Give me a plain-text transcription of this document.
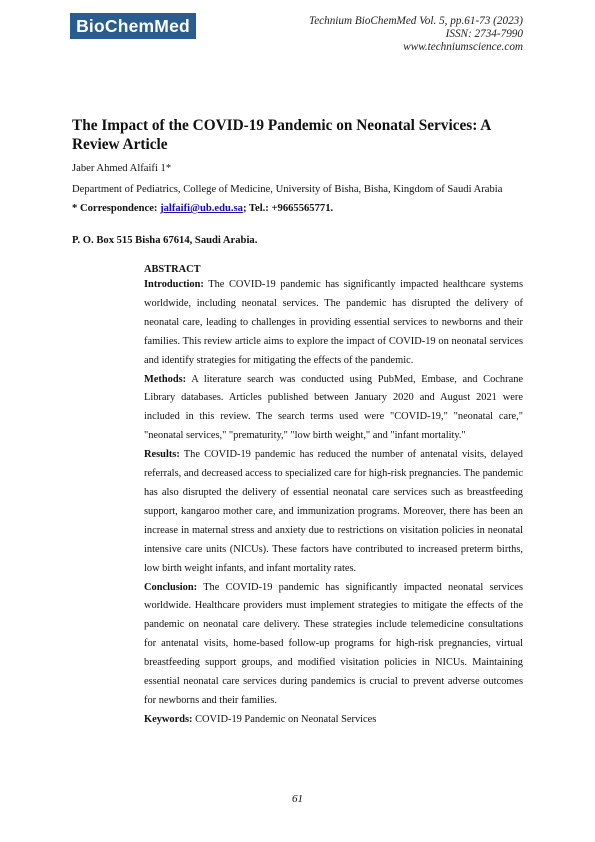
BioChemMed	Technium BioChemMed Vol. 5, pp.61-73 (2023)
ISSN: 2734-7990
www.techniumscience.com
The Impact of the COVID-19 Pandemic on Neonatal Services: A Review Article
Jaber Ahmed Alfaifi 1*
Department of Pediatrics, College of Medicine, University of Bisha, Bisha, Kingdom of Saudi Arabia
* Correspondence: jalfaifi@ub.edu.sa; Tel.: +9665565771.
P. O. Box 515 Bisha 67614, Saudi Arabia.
ABSTRACT

Introduction: The COVID-19 pandemic has significantly impacted healthcare systems worldwide, including neonatal services. The pandemic has disrupted the delivery of neonatal care, leading to challenges in providing essential services to newborns and their families. This review article aims to explore the impact of COVID-19 on neonatal services and identify strategies for mitigating the effects of the pandemic.

Methods: A literature search was conducted using PubMed, Embase, and Cochrane Library databases. Articles published between January 2020 and August 2021 were included in this review. The search terms used were "COVID-19," "neonatal care," "neonatal services," "prematurity," "low birth weight," and "infant mortality."

Results: The COVID-19 pandemic has reduced the number of antenatal visits, delayed referrals, and decreased access to specialized care for high-risk pregnancies. The pandemic has also disrupted the delivery of essential neonatal care services such as breastfeeding support, kangaroo mother care, and immunization programs. Moreover, there has been an increase in maternal stress and anxiety due to restrictions on visitation policies in neonatal intensive care units (NICUs). These factors have contributed to increased preterm births, low birth weight infants, and infant mortality rates.

Conclusion: The COVID-19 pandemic has significantly impacted neonatal services worldwide. Healthcare providers must implement strategies to mitigate the effects of the pandemic on neonatal care delivery. These strategies include telemedicine consultations for antenatal visits, home-based follow-up programs for high-risk pregnancies, virtual breastfeeding support groups, and modified visitation policies in NICUs. Maintaining essential neonatal care services during pandemics is crucial to prevent adverse outcomes for newborns and their families.

Keywords: COVID-19 Pandemic on Neonatal Services

61
